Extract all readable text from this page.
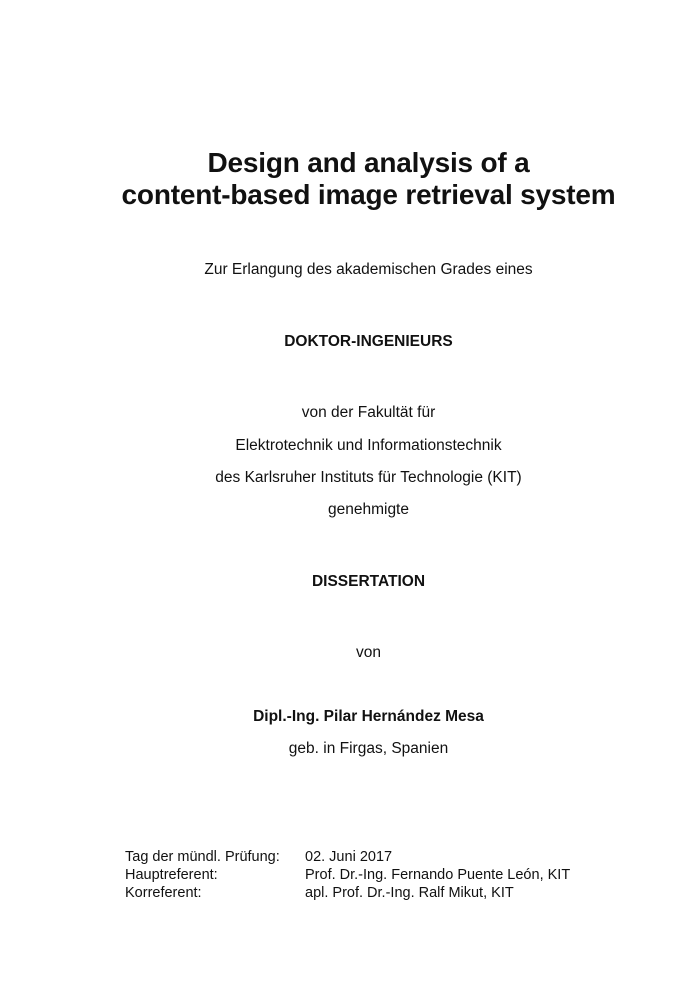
Design and analysis of a
content-based image retrieval system
Zur Erlangung des akademischen Grades eines
DOKTOR-INGENIEURS
von der Fakultät für
Elektrotechnik und Informationstechnik
des Karlsruher Instituts für Technologie (KIT)
genehmigte
DISSERTATION
von
Dipl.-Ing. Pilar Hernández Mesa
geb. in Firgas, Spanien
Tag der mündl. Prüfung: 02. Juni 2017
Hauptreferent:	Prof. Dr.-Ing. Fernando Puente León, KIT
Korreferent:	apl. Prof. Dr.-Ing. Ralf Mikut, KIT
